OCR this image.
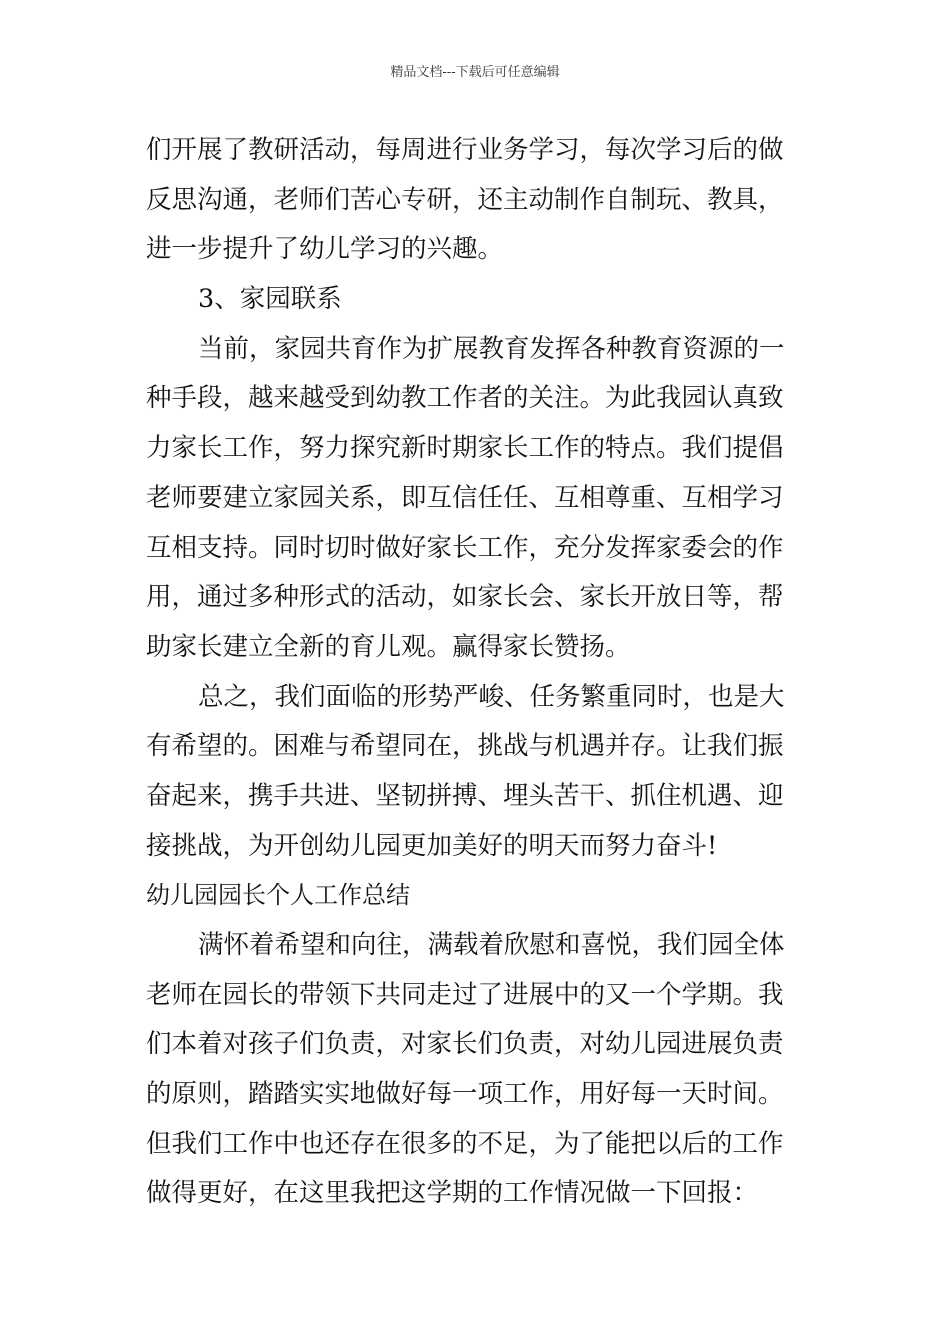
精品文档---下载后可任意编辑
们开展了教研活动，每周进行业务学习，每次学习后的做
反思沟通，老师们苦心专研，还主动制作自制玩、教具，
进一步提升了幼儿学习的兴趣。
3、家园联系
当前，家园共育作为扩展教育发挥各种教育资源的一
种手段，越来越受到幼教工作者的关注。为此我园认真致
力家长工作，努力探究新时期家长工作的特点。我们提倡
老师要建立家园关系，即互信任任、互相尊重、互相学习
互相支持。同时切时做好家长工作，充分发挥家委会的作
用，通过多种形式的活动，如家长会、家长开放日等，帮
助家长建立全新的育儿观。赢得家长赞扬。
总之，我们面临的形势严峻、任务繁重同时，也是大
有希望的。困难与希望同在，挑战与机遇并存。让我们振
奋起来，携手共进、坚韧拼搏、埋头苦干、抓住机遇、迎
接挑战，为开创幼儿园更加美好的明天而努力奋斗!
幼儿园园长个人工作总结
满怀着希望和向往，满载着欣慰和喜悦，我们园全体
老师在园长的带领下共同走过了进展中的又一个学期。我
们本着对孩子们负责，对家长们负责，对幼儿园进展负责
的原则，踏踏实实地做好每一项工作，用好每一天时间。
但我们工作中也还存在很多的不足，为了能把以后的工作
做得更好，在这里我把这学期的工作情况做一下回报：
